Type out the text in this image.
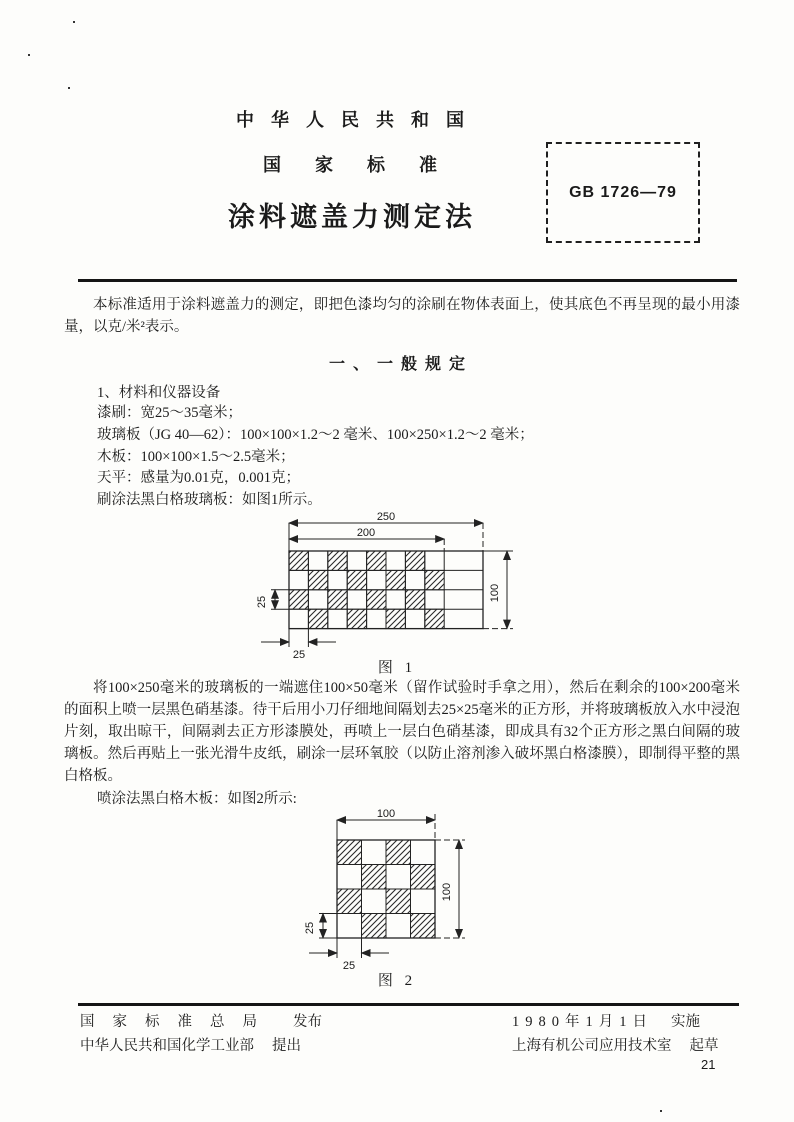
中华人民共和国
国家标准
涂料遮盖力测定法
GB 1726—79
本标准适用于涂料遮盖力的测定，即把色漆均匀的涂刷在物体表面上，使其底色不再呈现的最小用漆量，以克/米²表示。
一、一般规定
1、材料和仪器设备
漆刷：宽25～35毫米；
玻璃板（JG 40—62）：100×100×1.2～2 毫米、100×250×1.2～2 毫米；
木板：100×100×1.5～2.5毫米；
天平：感量为0.01克，0.001克；
刷涂法黑白格玻璃板：如图1所示。
250
200
100
25
25
图 1
将100×250毫米的玻璃板的一端遮住100×50毫米（留作试验时手拿之用），然后在剩余的100×200毫米的面积上喷一层黑色硝基漆。待干后用小刀仔细地间隔划去25×25毫米的正方形，并将玻璃板放入水中浸泡片刻，取出晾干，间隔剥去正方形漆膜处，再喷上一层白色硝基漆，即成具有32个正方形之黑白间隔的玻璃板。然后再贴上一张光滑牛皮纸，刷涂一层环氧胶（以防止溶剂渗入破坏黑白格漆膜），即制得平整的黑白格板。
喷涂法黑白格木板：如图2所示:
100
100
25
25
图 2
国家标准总局 发布
中华人民共和国化学工业部 提出
1980年1月1日 实施
上海有机公司应用技术室 起草
21
